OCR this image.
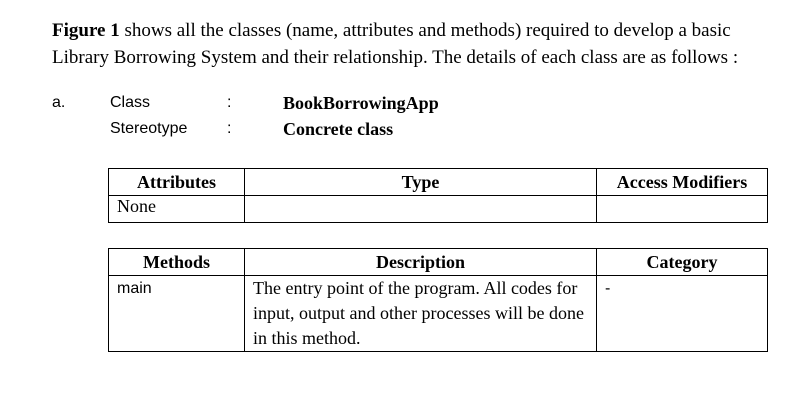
Figure 1 shows all the classes (name, attributes and methods) required to develop a basic Library Borrowing System and their relationship. The details of each class are as follows :
a.	Class	:	BookBorrowingApp
Stereotype :	Concrete class
Attributes	Type	Access Modifiers
None		
Methods	Description	Category
main	The entry point of the program. All codes for input, output and other processes will be done in this method.	-
